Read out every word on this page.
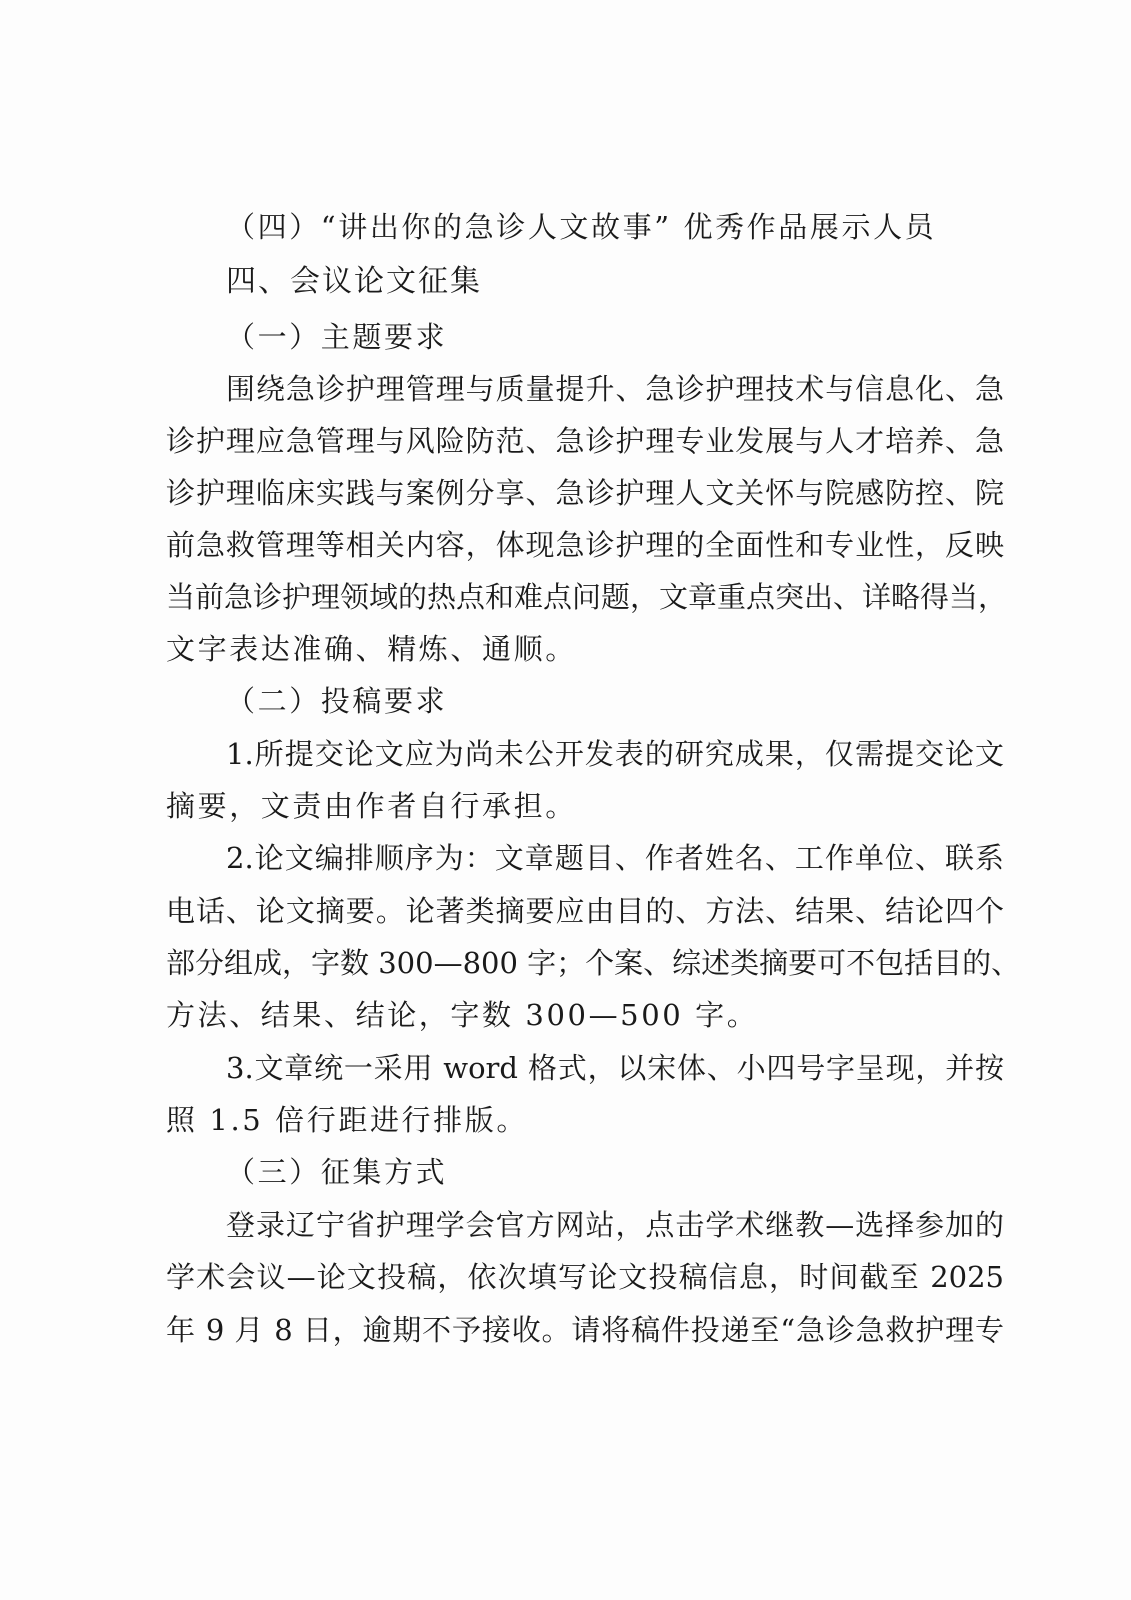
（四）“讲出你的急诊人文故事” 优秀作品展示人员
四、会议论文征集
（一）主题要求
围绕急诊护理管理与质量提升、急诊护理技术与信息化、急
诊护理应急管理与风险防范、急诊护理专业发展与人才培养、急
诊护理临床实践与案例分享、急诊护理人文关怀与院感防控、院
前急救管理等相关内容，体现急诊护理的全面性和专业性，反映
当前急诊护理领域的热点和难点问题，文章重点突出、详略得当，
文字表达准确、精炼、通顺。
（二）投稿要求
1.所提交论文应为尚未公开发表的研究成果，仅需提交论文
摘要，文责由作者自行承担。
2.论文编排顺序为：文章题目、作者姓名、工作单位、联系
电话、论文摘要。论著类摘要应由目的、方法、结果、结论四个
部分组成，字数 300—800 字；个案、综述类摘要可不包括目的、
方法、结果、结论，字数 300—500 字。
3.文章统一采用 word 格式，以宋体、小四号字呈现，并按
照 1.5 倍行距进行排版。
（三）征集方式
登录辽宁省护理学会官方网站，点击学术继教—选择参加的
学术会议—论文投稿，依次填写论文投稿信息，时间截至 2025
年 9 月 8 日，逾期不予接收。请将稿件投递至“急诊急救护理专
